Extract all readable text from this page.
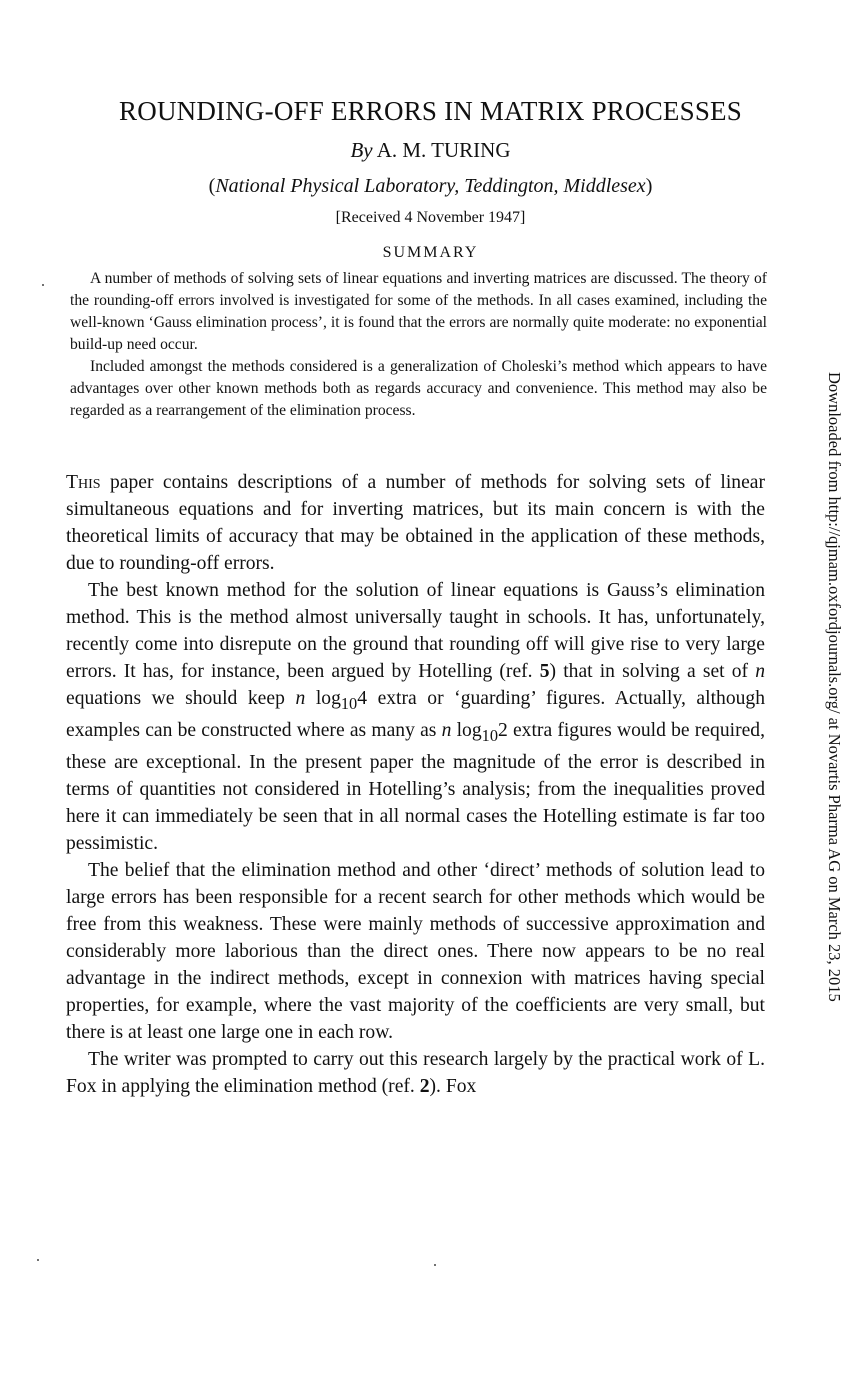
ROUNDING-OFF ERRORS IN MATRIX PROCESSES
By A. M. TURING
(National Physical Laboratory, Teddington, Middlesex)
[Received 4 November 1947]
SUMMARY

A number of methods of solving sets of linear equations and inverting matrices are discussed. The theory of the rounding-off errors involved is investigated for some of the methods. In all cases examined, including the well-known ‘Gauss elimination process’, it is found that the errors are normally quite moderate: no exponential build-up need occur.

Included amongst the methods considered is a generalization of Choleski’s method which appears to have advantages over other known methods both as regards accuracy and convenience. This method may also be regarded as a rearrangement of the elimination process.

This paper contains descriptions of a number of methods for solving sets of linear simultaneous equations and for inverting matrices, but its main concern is with the theoretical limits of accuracy that may be obtained in the application of these methods, due to rounding-off errors.

The best known method for the solution of linear equations is Gauss’s elimination method. This is the method almost universally taught in schools. It has, unfortunately, recently come into disrepute on the ground that rounding off will give rise to very large errors. It has, for instance, been argued by Hotelling (ref. 5) that in solving a set of n equations we should keep n $\log_{10}4$ extra or ‘guarding’ figures. Actually, although examples can be constructed where as many as n $\log_{10}2$ extra figures would be required, these are exceptional. In the present paper the magnitude of the error is described in terms of quantities not considered in Hotelling’s analysis; from the inequalities proved here it can immediately be seen that in all normal cases the Hotelling estimate is far too pessimistic.

The belief that the elimination method and other ‘direct’ methods of solution lead to large errors has been responsible for a recent search for other methods which would be free from this weakness. These were mainly methods of successive approximation and considerably more laborious than the direct ones. There now appears to be no real advantage in the indirect methods, except in connexion with matrices having special properties, for example, where the vast majority of the coefficients are very small, but there is at least one large one in each row.

The writer was prompted to carry out this research largely by the practical work of L. Fox in applying the elimination method (ref. 2). Fox

Downloaded from http://qjmam.oxfordjournals.org/ at Novartis Pharma AG on March 23, 2015
